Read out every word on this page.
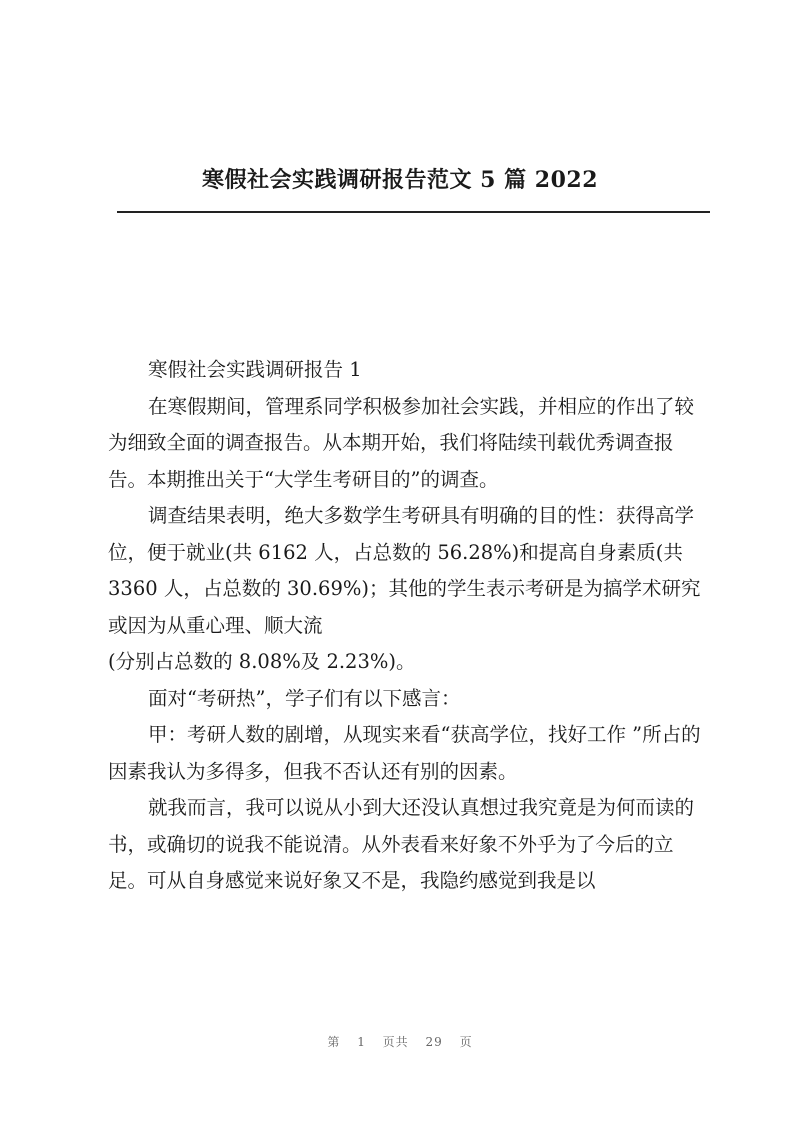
寒假社会实践调研报告范文 5 篇 2022

寒假社会实践调研报告 1

在寒假期间，管理系同学积极参加社会实践，并相应的作出了较为细致全面的调查报告。从本期开始，我们将陆续刊载优秀调查报告。本期推出关于“大学生考研目的”的调查。

调查结果表明，绝大多数学生考研具有明确的目的性：获得高学位，便于就业(共 6162 人，占总数的 56.28%)和提高自身素质(共 3360 人，占总数的 30.69%)；其他的学生表示考研是为搞学术研究或因为从重心理、顺大流

(分别占总数的 8.08%及 2.23%)。

面对“考研热”，学子们有以下感言：

甲：考研人数的剧增，从现实来看“获高学位，找好工作 ”所占的因素我认为多得多，但我不否认还有别的因素。

就我而言，我可以说从小到大还没认真想过我究竟是为何而读的书，或确切的说我不能说清。从外表看来好象不外乎为了今后的立足。可从自身感觉来说好象又不是，我隐约感觉到我是以

第 1 页共 29 页
